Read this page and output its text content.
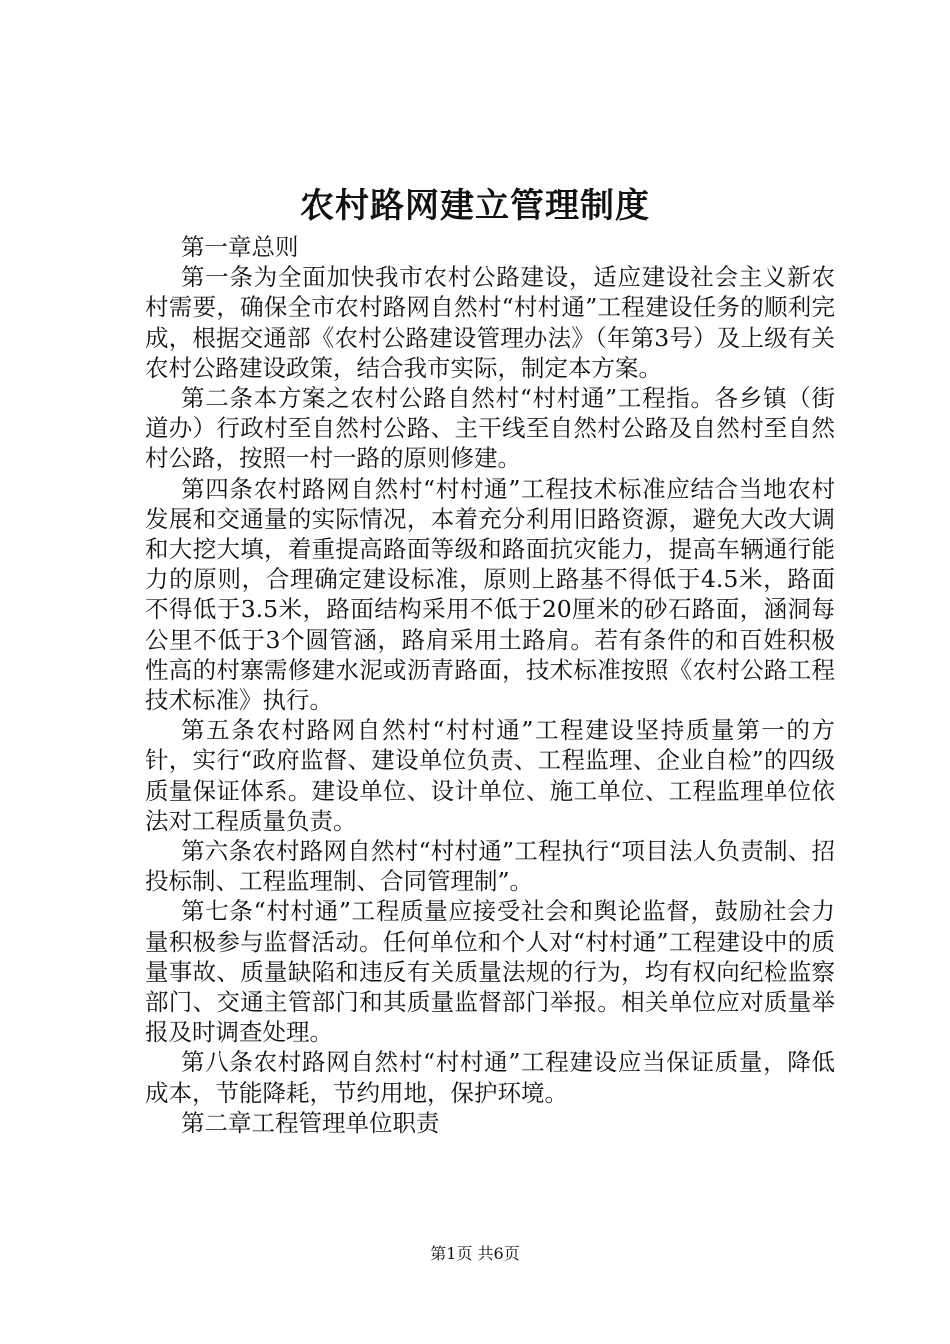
农村路网建立管理制度

第一章总则

第一条为全面加快我市农村公路建设，适应建设社会主义新农村需要，确保全市农村路网自然村“村村通”工程建设任务的顺利完成，根据交通部《农村公路建设管理办法》（年第3号）及上级有关农村公路建设政策，结合我市实际，制定本方案。

第二条本方案之农村公路自然村“村村通”工程指。各乡镇（街道办）行政村至自然村公路、主干线至自然村公路及自然村至自然村公路，按照一村一路的原则修建。

第四条农村路网自然村“村村通”工程技术标准应结合当地农村发展和交通量的实际情况，本着充分利用旧路资源，避免大改大调和大挖大填，着重提高路面等级和路面抗灾能力，提高车辆通行能力的原则，合理确定建设标准，原则上路基不得低于4.5米，路面不得低于3.5米，路面结构采用不低于20厘米的砂石路面，涵洞每公里不低于3个圆管涵，路肩采用土路肩。若有条件的和百姓积极性高的村寨需修建水泥或沥青路面，技术标准按照《农村公路工程技术标准》执行。

第五条农村路网自然村“村村通”工程建设坚持质量第一的方针，实行“政府监督、建设单位负责、工程监理、企业自检”的四级质量保证体系。建设单位、设计单位、施工单位、工程监理单位依法对工程质量负责。

第六条农村路网自然村“村村通”工程执行“项目法人负责制、招投标制、工程监理制、合同管理制”。

第七条“村村通”工程质量应接受社会和舆论监督，鼓励社会力量积极参与监督活动。任何单位和个人对“村村通”工程建设中的质量事故、质量缺陷和违反有关质量法规的行为，均有权向纪检监察部门、交通主管部门和其质量监督部门举报。相关单位应对质量举报及时调查处理。

第八条农村路网自然村“村村通”工程建设应当保证质量，降低成本，节能降耗，节约用地，保护环境。

第二章工程管理单位职责

第1页 共6页
